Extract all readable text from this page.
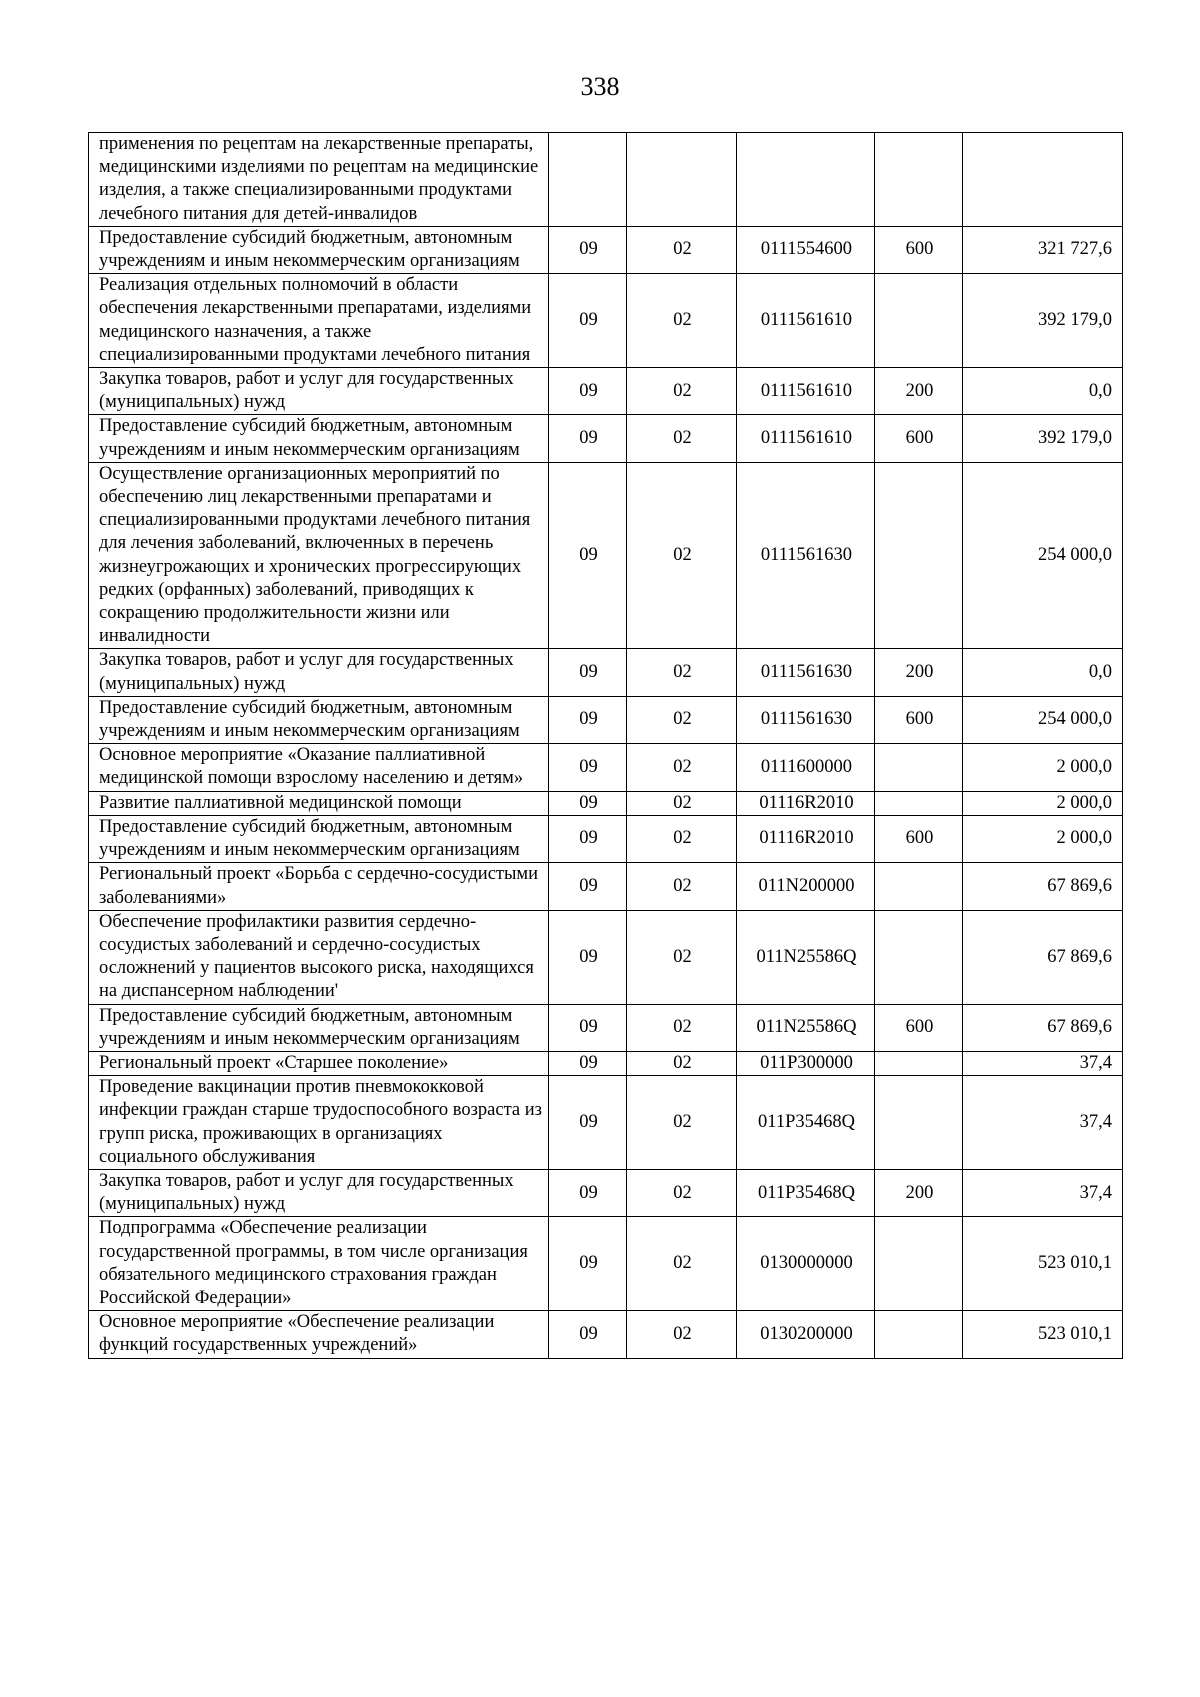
338
применения по рецептам на лекарственные препараты, медицинскими изделиями по рецептам на медицинские изделия, а также специализированными продуктами лечебного питания для детей-инвалидов					
Предоставление субсидий бюджетным, автономным учреждениям и иным некоммерческим организациям	09	02	0111554600	600	321 727,6
Реализация отдельных полномочий в области обеспечения лекарственными препаратами, изделиями медицинского назначения, а также специализированными продуктами лечебного питания	09	02	0111561610		392 179,0
Закупка товаров, работ и услуг для государственных (муниципальных) нужд	09	02	0111561610	200	0,0
Предоставление субсидий бюджетным, автономным учреждениям и иным некоммерческим организациям	09	02	0111561610	600	392 179,0
Осуществление организационных мероприятий по обеспечению лиц лекарственными препаратами и специализированными продуктами лечебного питания для лечения заболеваний, включенных в перечень жизнеугрожающих и хронических прогрессирующих редких (орфанных) заболеваний, приводящих к сокращению продолжительности жизни или инвалидности	09	02	0111561630		254 000,0
Закупка товаров, работ и услуг для государственных (муниципальных) нужд	09	02	0111561630	200	0,0
Предоставление субсидий бюджетным, автономным учреждениям и иным некоммерческим организациям	09	02	0111561630	600	254 000,0
Основное мероприятие «Оказание паллиативной медицинской помощи взрослому населению и детям»	09	02	0111600000		2 000,0
Развитие паллиативной медицинской помощи	09	02	01116R2010		2 000,0
Предоставление субсидий бюджетным, автономным учреждениям и иным некоммерческим организациям	09	02	01116R2010	600	2 000,0
Региональный проект «Борьба с сердечно-сосудистыми заболеваниями»	09	02	011N200000		67 869,6
Обеспечение профилактики развития сердечно-сосудистых заболеваний и сердечно-сосудистых осложнений у пациентов высокого риска, находящихся на диспансерном наблюдении'	09	02	011N25586Q		67 869,6
Предоставление субсидий бюджетным, автономным учреждениям и иным некоммерческим организациям	09	02	011N25586Q	600	67 869,6
Региональный проект «Старшее поколение»	09	02	011P300000		37,4
Проведение вакцинации против пневмококковой инфекции граждан старше трудоспособного возраста из групп риска, проживающих в организациях социального обслуживания	09	02	011P35468Q		37,4
Закупка товаров, работ и услуг для государственных (муниципальных) нужд	09	02	011P35468Q	200	37,4
Подпрограмма «Обеспечение реализации государственной программы, в том числе организация обязательного медицинского страхования граждан Российской Федерации»	09	02	0130000000		523 010,1
Основное мероприятие «Обеспечение реализации функций государственных учреждений»	09	02	0130200000		523 010,1
